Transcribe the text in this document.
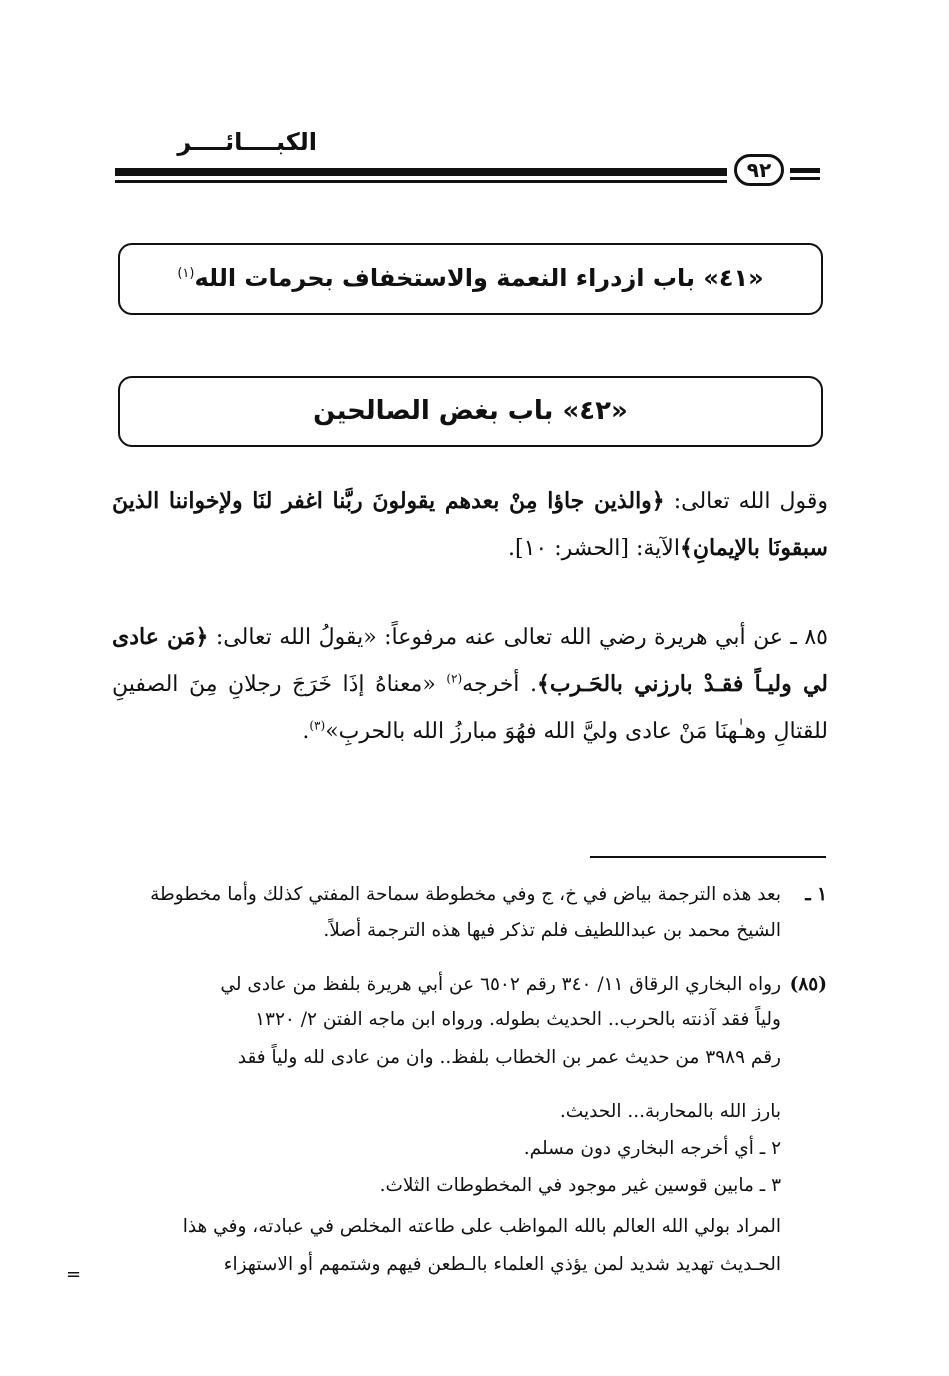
الكبــــائــــر
٩٢
«٤١» باب ازدراء النعمة والاستخفاف بحرمات الله$^{(١)}$
«٤٢» باب بغض الصالحين
وقول الله تعالى: ﴿والذين جاؤا مِنْ بعدهم يقولونَ ربَّنا اغفر لنَا ولإخواننا الذينَ سبقونَا بالإيمانِ﴾الآية: [الحشر: ١٠].
٨٥ ـ عن أبي هريرة رضي الله تعالى عنه مرفوعاً: «يقولُ الله تعالى: ﴿مَن عادى لي وليـاً فقـدْ بارزني بالحَـرب﴾. أخرجه$^{(٢)}$ «معناهُ إذَا خَرَجَ رجلانِ مِنَ الصفينِ للقتالِ وهـٰهنَا مَنْ عادى وليَّ الله فهُوَ مبارزُ الله بالحربِ»$^{(٣)}$.
١ ـبعد هذه الترجمة بياض في خ، ج وفي مخطوطة سماحة المفتي كذلك وأما مخطوطة
الشيخ محمد بن عبداللطيف فلم تذكر فيها هذه الترجمة أصلاً.
(٨٥)رواه البخاري الرقاق ١١/ ٣٤٠ رقم ٦٥٠٢ عن أبي هريرة بلفظ من عادى لي
ولياً فقد آذنته بالحرب.. الحديث بطوله. ورواه ابن ماجه الفتن ٢/ ١٣٢٠
رقم ٣٩٨٩ من حديث عمر بن الخطاب بلفظ.. وان من عادى لله ولياً فقد
بارز الله بالمحاربة... الحديث.
٢ ـ أي أخرجه البخاري دون مسلم.
٣ ـ مابين قوسين غير موجود في المخطوطات الثلاث.
المراد بولي الله العالم بالله المواظب على طاعته المخلص في عبادته، وفي هذا
الحـديث تهديد شديد لمن يؤذي العلماء بالـطعن فيهم وشتمهم أو الاستهزاء
=
